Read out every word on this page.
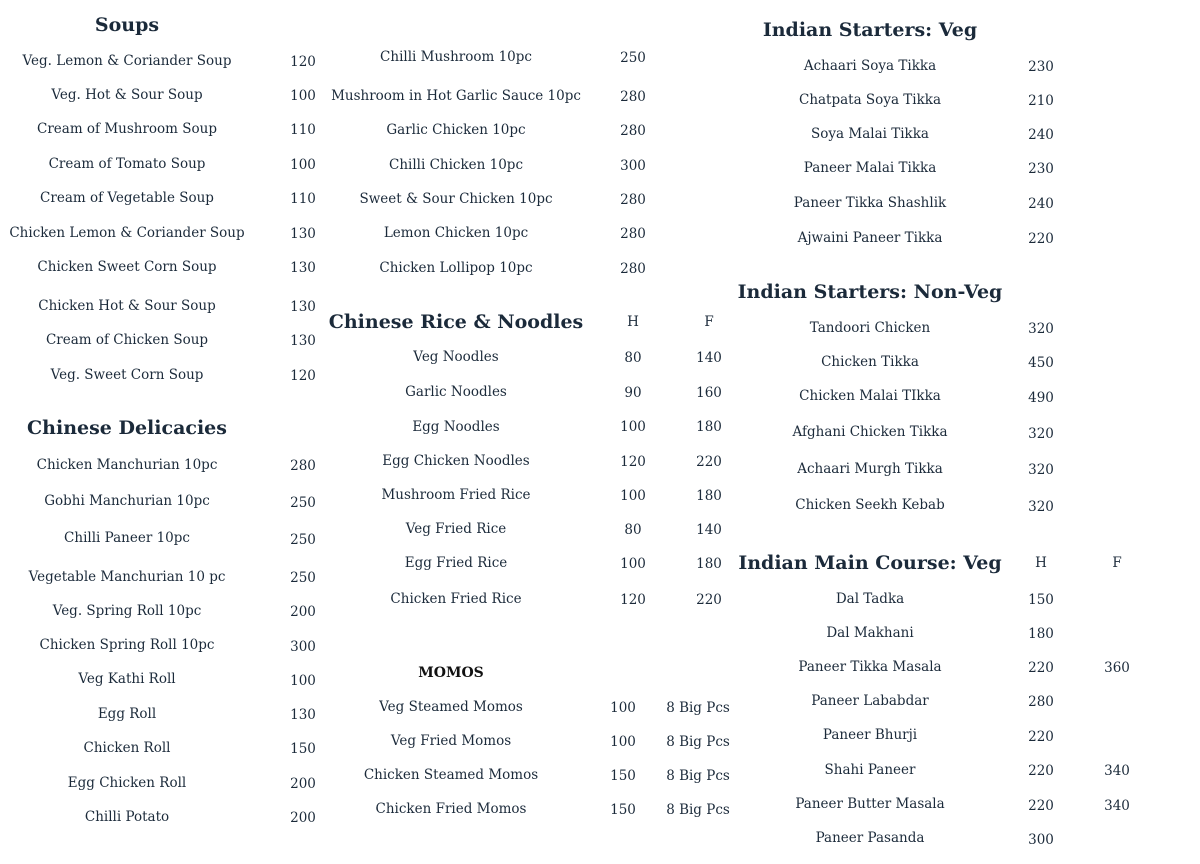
Soups
Veg. Lemon & Coriander Soup	120
Veg. Hot & Sour Soup	100
Cream of Mushroom Soup	110
Cream of Tomato Soup	100
Cream of Vegetable Soup	110
Chicken Lemon & Coriander Soup	130
Chicken Sweet Corn Soup	130
Chicken Hot & Sour Soup	130
Cream of Chicken Soup	130
Veg. Sweet Corn Soup	120
Chinese Delicacies
Chicken Manchurian 10pc	280
Gobhi Manchurian 10pc	250
Chilli Paneer 10pc	250
Vegetable Manchurian 10 pc	250
Veg. Spring Roll 10pc	200
Chicken Spring Roll 10pc	300
Veg Kathi Roll	100
Egg Roll	130
Chicken Roll	150
Egg Chicken Roll	200
Chilli Potato	200
Chilli Mushroom 10pc	250
Mushroom in Hot Garlic Sauce 10pc	280
Garlic Chicken 10pc	280
Chilli Chicken 10pc	300
Sweet & Sour Chicken 10pc	280
Lemon Chicken 10pc	280
Chicken Lollipop 10pc	280
Chinese Rice & Noodles	H	F
Veg Noodles	80	140
Garlic Noodles	90	160
Egg Noodles	100	180
Egg Chicken Noodles	120	220
Mushroom Fried Rice	100	180
Veg Fried Rice	80	140
Egg Fried Rice	100	180
Chicken Fried Rice	120	220
MOMOS
Veg Steamed Momos	100 8 Big Pcs
Veg Fried Momos	100 8 Big Pcs
Chicken Steamed Momos	150 8 Big Pcs
Chicken Fried Momos	150 8 Big Pcs
Indian Starters: Veg
Achaari Soya Tikka	230
Chatpata Soya Tikka	210
Soya Malai Tikka	240
Paneer Malai Tikka	230
Paneer Tikka Shashlik	240
Ajwaini Paneer Tikka	220
Indian Starters: Non-Veg
Tandoori Chicken	320
Chicken Tikka	450
Chicken Malai TIkka	490
Afghani Chicken Tikka	320
Achaari Murgh Tikka	320
Chicken Seekh Kebab	320
Indian Main Course: Veg H	F
Dal Tadka	150
Dal Makhani	180
Paneer Tikka Masala	220	360
Paneer Lababdar	280
Paneer Bhurji	220
Shahi Paneer	220	340
Paneer Butter Masala	220	340
Paneer Pasanda	300
